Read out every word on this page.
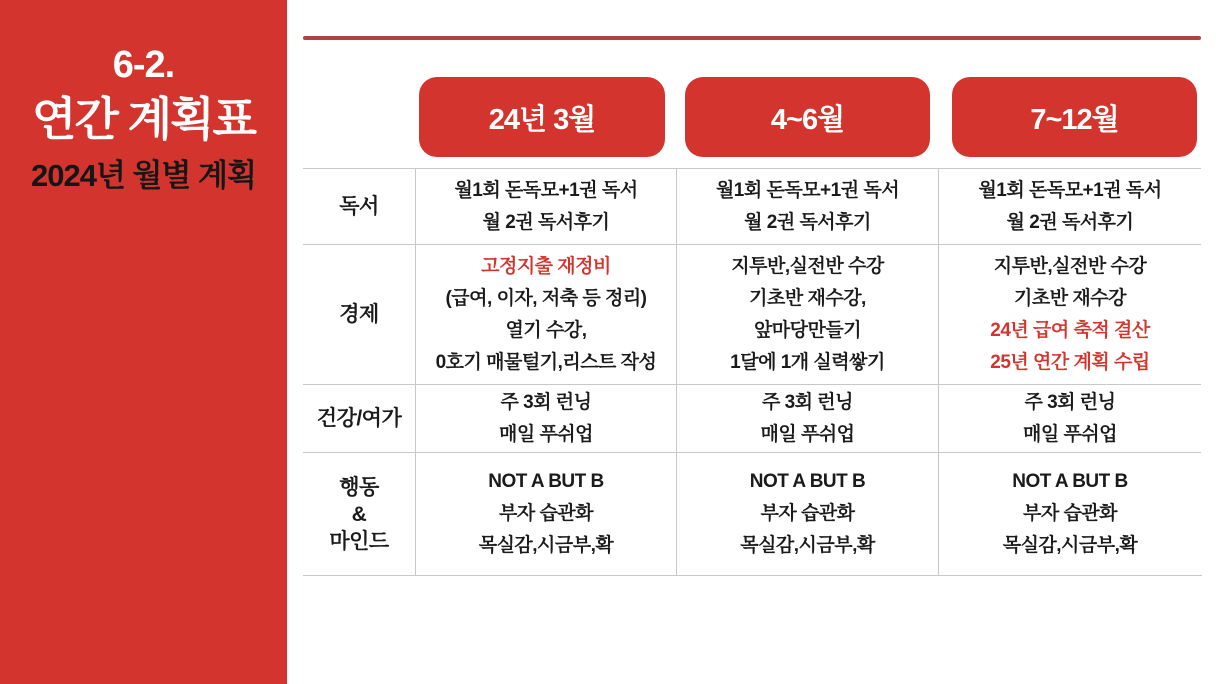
6-2.
연간 계획표
2024년 월별 계획
24년 3월	4~6월	7~12월
독서
월1회 돈독모+1권 독서
월 2권 독서후기
월1회 돈독모+1권 독서
월 2권 독서후기
월1회 돈독모+1권 독서
월 2권 독서후기
경제
고정지출 재정비
(급여, 이자, 저축 등 정리)
열기 수강,
0호기 매물털기,리스트 작성
지투반,실전반 수강
기초반 재수강,
앞마당만들기
1달에 1개 실력쌓기
지투반,실전반 수강
기초반 재수강
24년 급여 축적 결산
25년 연간 계획 수립
건강/여가
주 3회 런닝
매일 푸쉬업
주 3회 런닝
매일 푸쉬업
주 3회 런닝
매일 푸쉬업
행동
&
마인드
NOT A BUT B
부자 습관화
목실감,시금부,확
NOT A BUT B
부자 습관화
목실감,시금부,확
NOT A BUT B
부자 습관화
목실감,시금부,확
